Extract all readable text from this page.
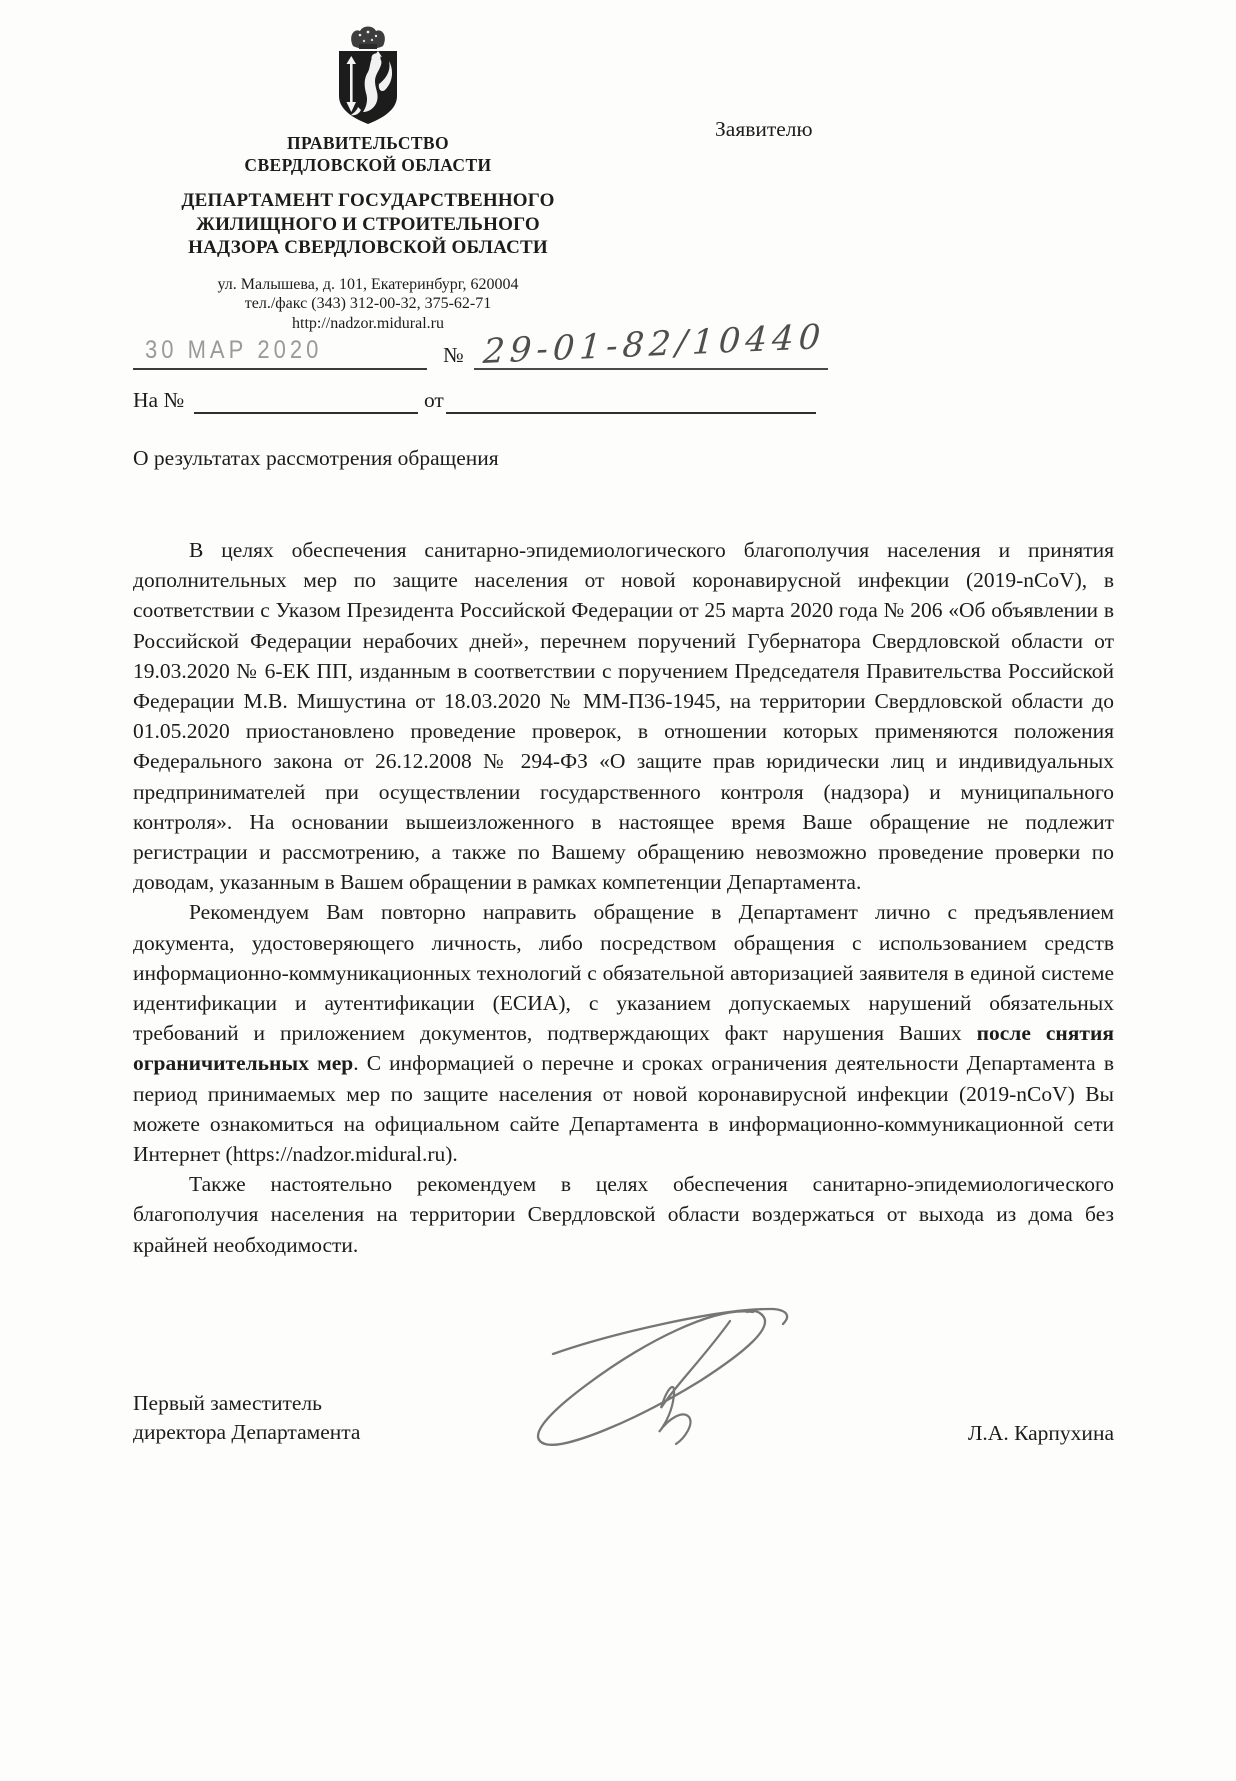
ПРАВИТЕЛЬСТВО
СВЕРДЛОВСКОЙ ОБЛАСТИ
ДЕПАРТАМЕНТ ГОСУДАРСТВЕННОГО
ЖИЛИЩНОГО И СТРОИТЕЛЬНОГО
НАДЗОРА СВЕРДЛОВСКОЙ ОБЛАСТИ
ул. Малышева, д. 101, Екатеринбург, 620004
тел./факс (343) 312-00-32, 375-62-71
http://nadzor.midural.ru
Заявителю
30 МАР 2020	№ 29-01-82/10440
На №	от
О результатах рассмотрения обращения

В целях обеспечения санитарно-эпидемиологического благополучия населения и принятия дополнительных мер по защите населения от новой коронавирусной инфекции (2019-nCoV), в соответствии с Указом Президента Российской Федерации от 25 марта 2020 года № 206 «Об объявлении в Российской Федерации нерабочих дней», перечнем поручений Губернатора Свердловской области от 19.03.2020 № 6-ЕК ПП, изданным в соответствии с поручением Председателя Правительства Российской Федерации М.В. Мишустина от 18.03.2020 № ММ-П36-1945, на территории Свердловской области до 01.05.2020 приостановлено проведение проверок, в отношении которых применяются положения Федерального закона от 26.12.2008 № 294-ФЗ «О защите прав юридически лиц и индивидуальных предпринимателей при осуществлении государственного контроля (надзора) и муниципального контроля». На основании вышеизложенного в настоящее время Ваше обращение не подлежит регистрации и рассмотрению, а также по Вашему обращению невозможно проведение проверки по доводам, указанным в Вашем обращении в рамках компетенции Департамента.

Рекомендуем Вам повторно направить обращение в Департамент лично с предъявлением документа, удостоверяющего личность, либо посредством обращения с использованием средств информационно-коммуникационных технологий с обязательной авторизацией заявителя в единой системе идентификации и аутентификации (ЕСИА), с указанием допускаемых нарушений обязательных требований и приложением документов, подтверждающих факт нарушения Ваших после снятия ограничительных мер. С информацией о перечне и сроках ограничения деятельности Департамента в период принимаемых мер по защите населения от новой коронавирусной инфекции (2019-nCoV) Вы можете ознакомиться на официальном сайте Департамента в информационно-коммуникационной сети Интернет (https://nadzor.midural.ru).

Также настоятельно рекомендуем в целях обеспечения санитарно-эпидемиологического благополучия населения на территории Свердловской области воздержаться от выхода из дома без крайней необходимости.

Первый заместитель
директора Департамента	Л.А. Карпухина
